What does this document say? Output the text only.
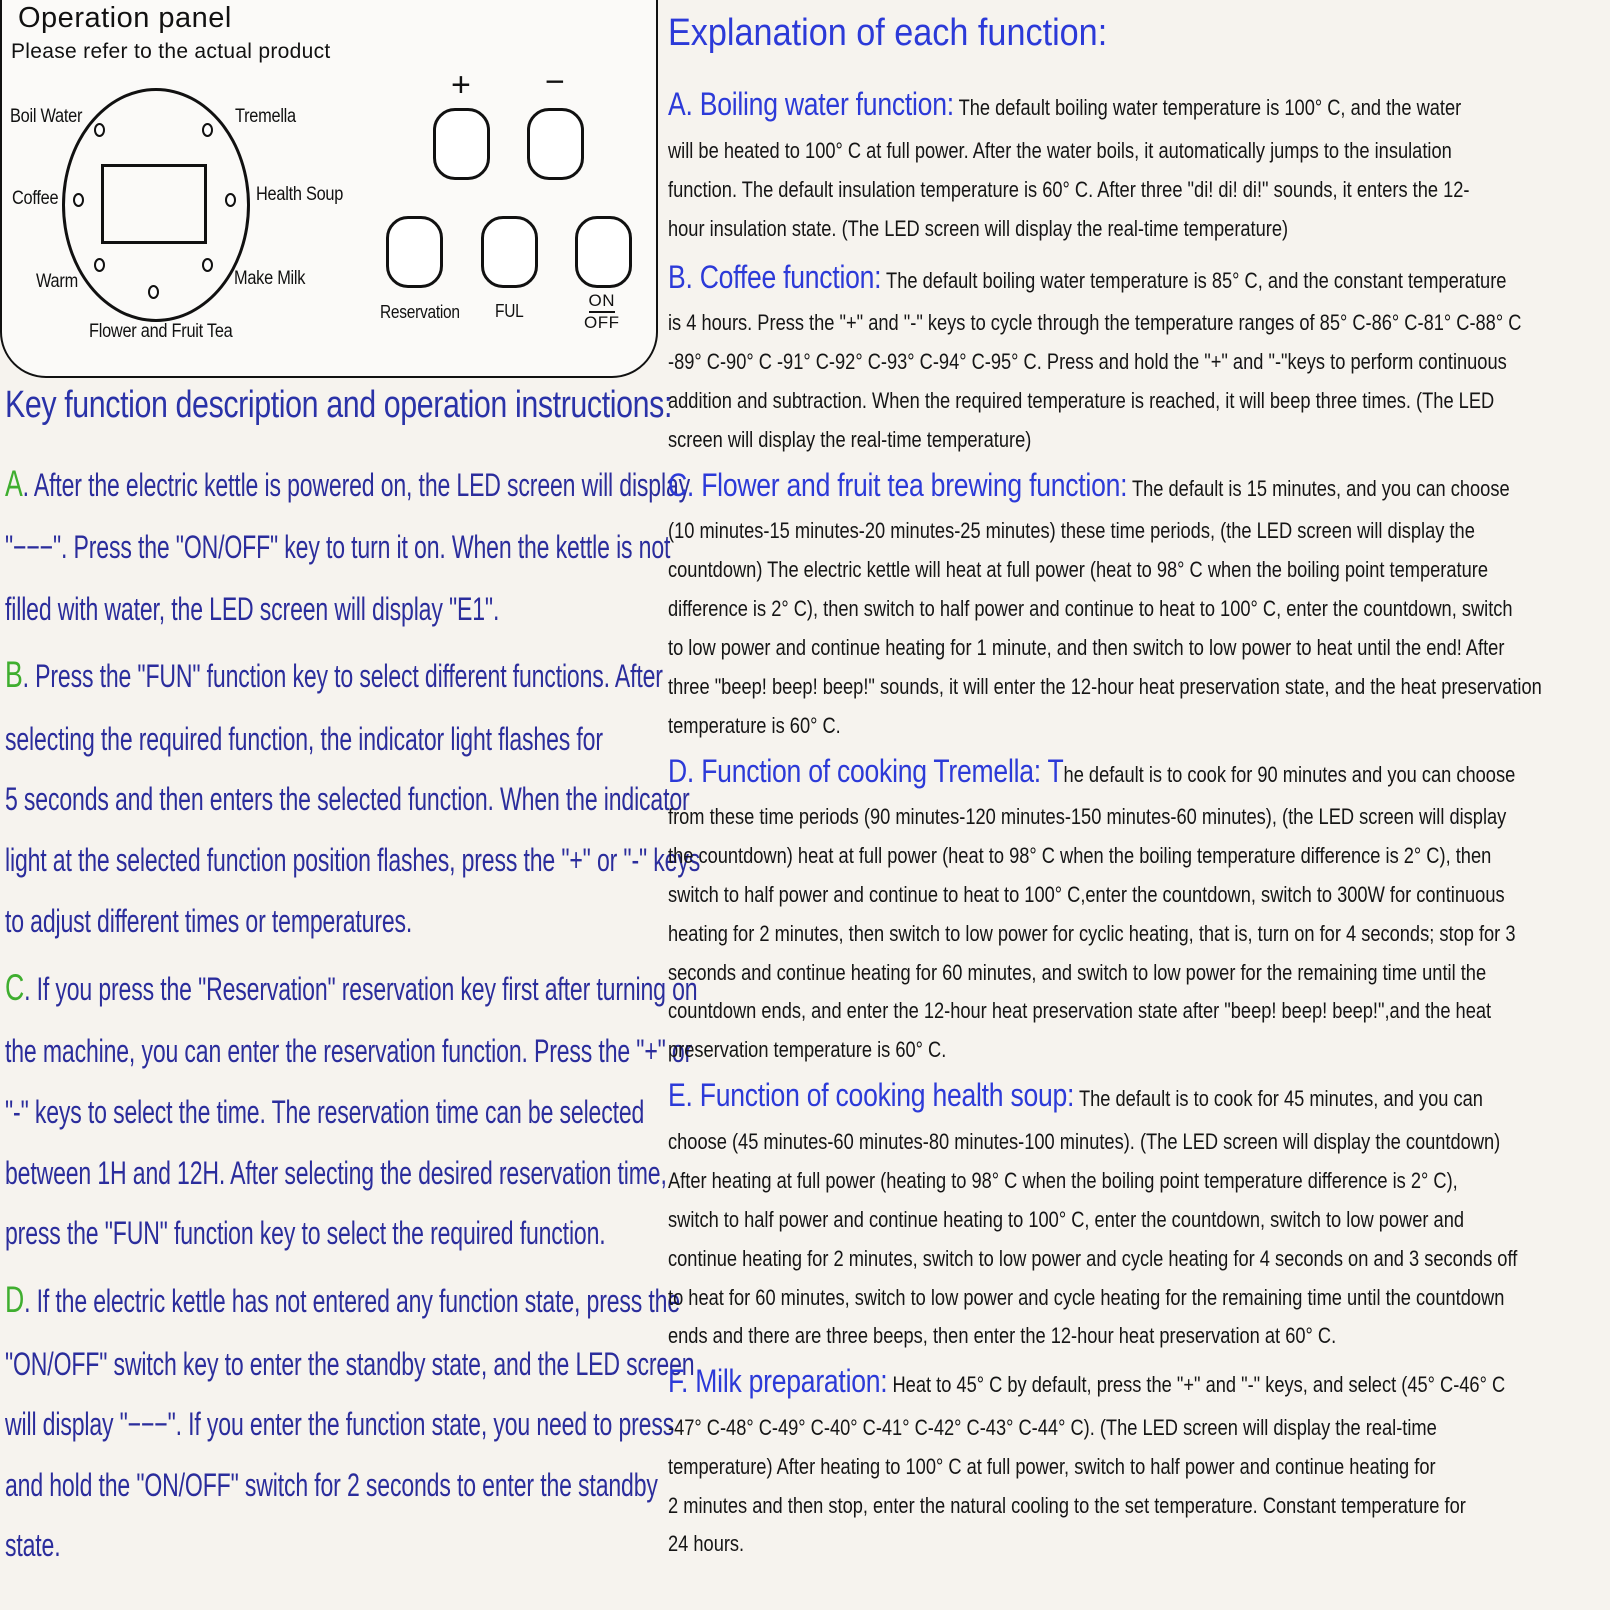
Operation panel
Please refer to the actual product
Boil Water	Tremella
Coffee	Health Soup
Warm	Make Milk
Flower and Fruit Tea
+ −
Reservation FUL
ON
OFF
Key function description and operation instructions:
A. After the electric kettle is powered on, the LED screen will display
"−−−". Press the "ON/OFF" key to turn it on. When the kettle is not
filled with water, the LED screen will display "E1".
B. Press the "FUN" function key to select different functions. After
selecting the required function, the indicator light flashes for
5 seconds and then enters the selected function. When the indicator
light at the selected function position flashes, press the "+" or "-" keys
to adjust different times or temperatures.
C. If you press the "Reservation" reservation key first after turning on
the machine, you can enter the reservation function. Press the "+" or
"-" keys to select the time. The reservation time can be selected
between 1H and 12H. After selecting the desired reservation time,
press the "FUN" function key to select the required function.
D. If the electric kettle has not entered any function state, press the
"ON/OFF" switch key to enter the standby state, and the LED screen
will display "−−−". If you enter the function state, you need to press
and hold the "ON/OFF" switch for 2 seconds to enter the standby
state.
Explanation of each function:
A. Boiling water function: The default boiling water temperature is 100° C, and the water
will be heated to 100° C at full power. After the water boils, it automatically jumps to the insulation
function. The default insulation temperature is 60° C. After three "di! di! di!" sounds, it enters the 12-
hour insulation state. (The LED screen will display the real-time temperature)
B. Coffee function: The default boiling water temperature is 85° C, and the constant temperature
is 4 hours. Press the "+" and "-" keys to cycle through the temperature ranges of 85° C-86° C-81° C-88° C
-89° C-90° C -91° C-92° C-93° C-94° C-95° C. Press and hold the "+" and "-"keys to perform continuous
addition and subtraction. When the required temperature is reached, it will beep three times. (The LED
screen will display the real-time temperature)
C. Flower and fruit tea brewing function: The default is 15 minutes, and you can choose
(10 minutes-15 minutes-20 minutes-25 minutes) these time periods, (the LED screen will display the
countdown) The electric kettle will heat at full power (heat to 98° C when the boiling point temperature
difference is 2° C), then switch to half power and continue to heat to 100° C, enter the countdown, switch
to low power and continue heating for 1 minute, and then switch to low power to heat until the end! After
three "beep! beep! beep!" sounds, it will enter the 12-hour heat preservation state, and the heat preservation
temperature is 60° C.
D. Function of cooking Tremella: The default is to cook for 90 minutes and you can choose
from these time periods (90 minutes-120 minutes-150 minutes-60 minutes), (the LED screen will display
the countdown) heat at full power (heat to 98° C when the boiling temperature difference is 2° C), then
switch to half power and continue to heat to 100° C,enter the countdown, switch to 300W for continuous
heating for 2 minutes, then switch to low power for cyclic heating, that is, turn on for 4 seconds; stop for 3
seconds and continue heating for 60 minutes, and switch to low power for the remaining time until the
countdown ends, and enter the 12-hour heat preservation state after "beep! beep! beep!",and the heat
preservation temperature is 60° C.
E. Function of cooking health soup: The default is to cook for 45 minutes, and you can
choose (45 minutes-60 minutes-80 minutes-100 minutes). (The LED screen will display the countdown)
After heating at full power (heating to 98° C when the boiling point temperature difference is 2° C),
switch to half power and continue heating to 100° C, enter the countdown, switch to low power and
continue heating for 2 minutes, switch to low power and cycle heating for 4 seconds on and 3 seconds off
to heat for 60 minutes, switch to low power and cycle heating for the remaining time until the countdown
ends and there are three beeps, then enter the 12-hour heat preservation at 60° C.
F. Milk preparation: Heat to 45° C by default, press the "+" and "-" keys, and select (45° C-46° C
-47° C-48° C-49° C-40° C-41° C-42° C-43° C-44° C). (The LED screen will display the real-time
temperature) After heating to 100° C at full power, switch to half power and continue heating for
2 minutes and then stop, enter the natural cooling to the set temperature. Constant temperature for
24 hours.
